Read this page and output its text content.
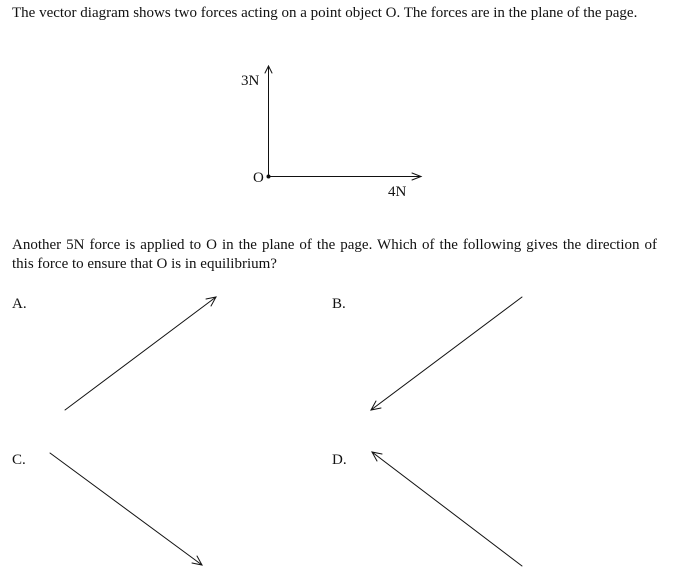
The vector diagram shows two forces acting on a point object O. The forces are in the plane of the page.

3N
4N
O

Another 5N force is applied to O in the plane of the page. Which of the following gives the direction of this force to ensure that O is in equilibrium?

A.	B.
C.	D.
